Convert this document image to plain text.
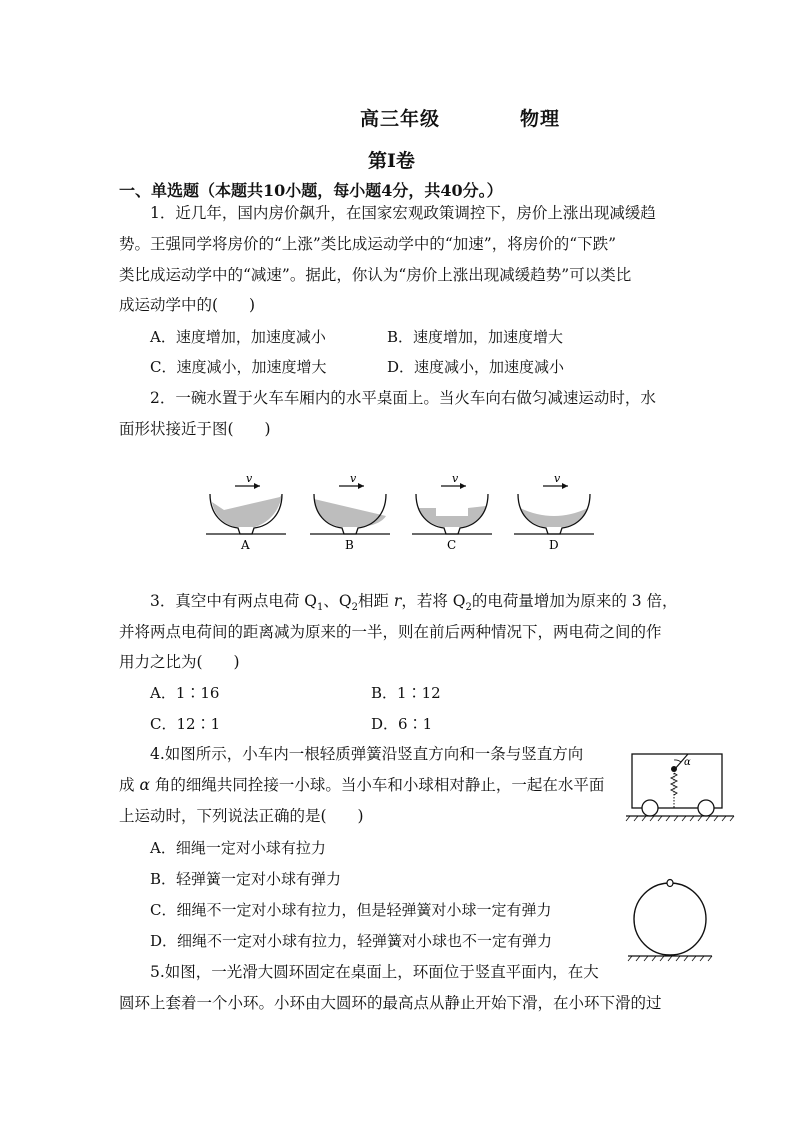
高三年级	物理
第Ⅰ卷
一、单选题（本题共10小题，每小题4分，共40分。）
1．近几年，国内房价飙升，在国家宏观政策调控下，房价上涨出现减缓趋
势。王强同学将房价的“上涨”类比成运动学中的“加速”，将房价的“下跌”
类比成运动学中的“减速”。据此，你认为“房价上涨出现减缓趋势”可以类比
成运动学中的(　　)
A．速度增加，加速度减小	B．速度增加，加速度增大
C．速度减小，加速度增大	D．速度减小，加速度减小
2．一碗水置于火车车厢内的水平桌面上。当火车向右做匀减速运动时，水
面形状接近于图(　　)
v
A
v
B
v
C
v
D
3．真空中有两点电荷 $Q_1$、$Q_2$相距 r，若将 $Q_2$的电荷量增加为原来的 3 倍，
并将两点电荷间的距离减为原来的一半，则在前后两种情况下，两电荷之间的作
用力之比为(　　)
A．1∶16	B．1∶12
C．12∶1	D．6∶1
4.如图所示，小车内一根轻质弹簧沿竖直方向和一条与竖直方向
成 α 角的细绳共同拴接一小球。当小车和小球相对静止，一起在水平面
上运动时，下列说法正确的是(　　)
A．细绳一定对小球有拉力
B．轻弹簧一定对小球有弹力
C．细绳不一定对小球有拉力，但是轻弹簧对小球一定有弹力
D．细绳不一定对小球有拉力，轻弹簧对小球也不一定有弹力
α
5.如图，一光滑大圆环固定在桌面上，环面位于竖直平面内，在大
圆环上套着一个小环。小环由大圆环的最高点从静止开始下滑，在小环下滑的过
